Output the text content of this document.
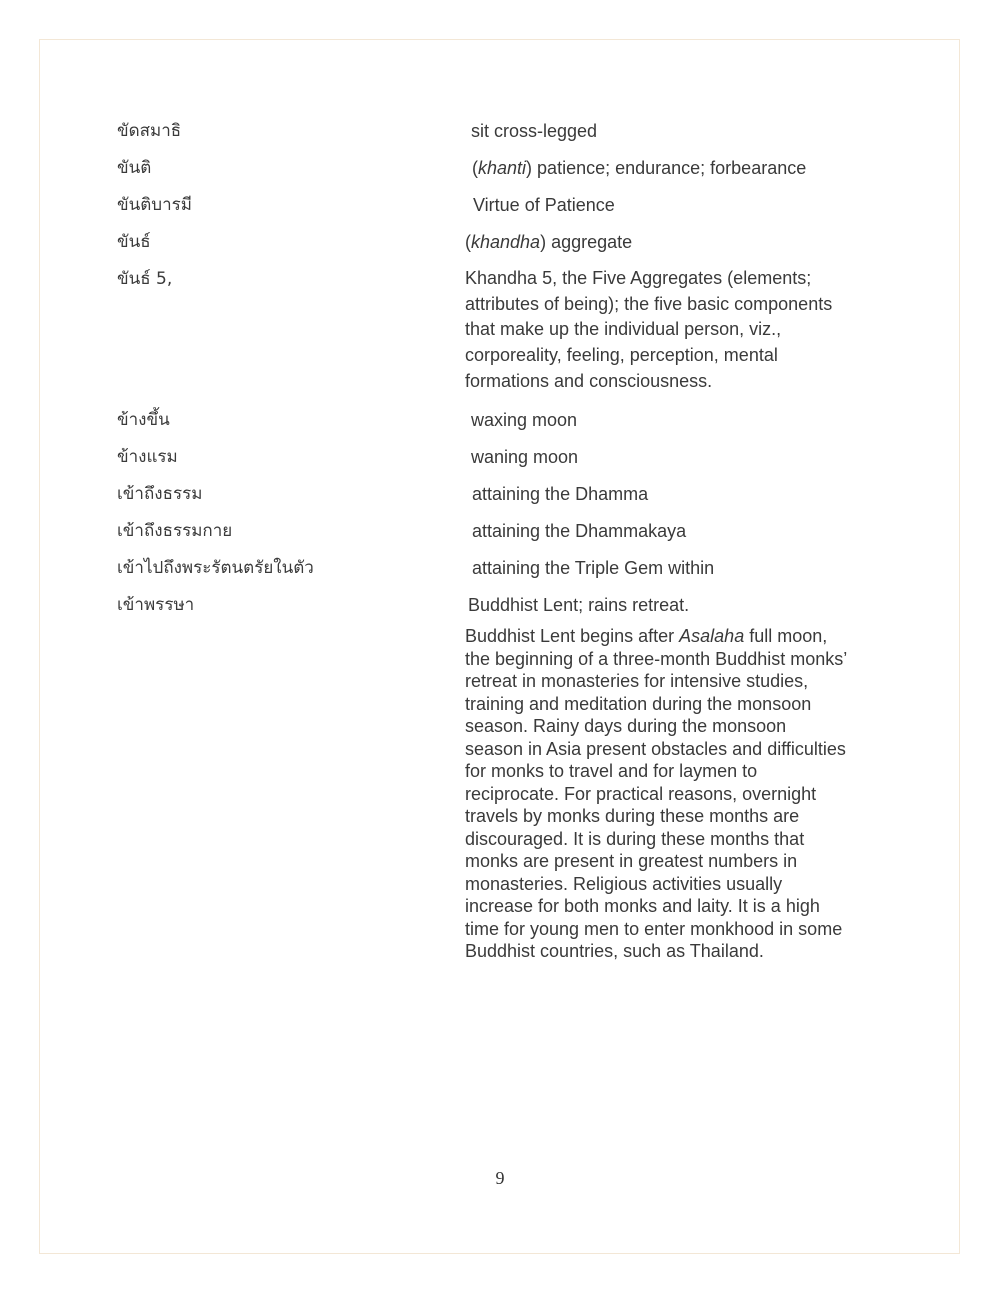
ขัดสมาธิ	sit cross-legged
ขันติ	(khanti) patience; endurance; forbearance
ขันติบารมี	Virtue of Patience
ขันธ์	(khandha) aggregate
ขันธ์ 5,	Khandha 5, the Five Aggregates (elements;
attributes of being); the five basic components
that make up the individual person, viz.,
corporeality, feeling, perception, mental
formations and consciousness.
ข้างขึ้น	waxing moon
ข้างแรม	waning moon
เข้าถึงธรรม	attaining the Dhamma
เข้าถึงธรรมกาย	attaining the Dhammakaya
เข้าไปถึงพระรัตนตรัยในตัว	attaining the Triple Gem within
เข้าพรรษา	Buddhist Lent; rains retreat.
Buddhist Lent begins after Asalaha full moon,
the beginning of a three-month Buddhist monks’
retreat in monasteries for intensive studies,
training and meditation during the monsoon
season. Rainy days during the monsoon
season in Asia present obstacles and difficulties
for monks to travel and for laymen to
reciprocate. For practical reasons, overnight
travels by monks during these months are
discouraged. It is during these months that
monks are present in greatest numbers in
monasteries. Religious activities usually
increase for both monks and laity. It is a high
time for young men to enter monkhood in some
Buddhist countries, such as Thailand.
9
